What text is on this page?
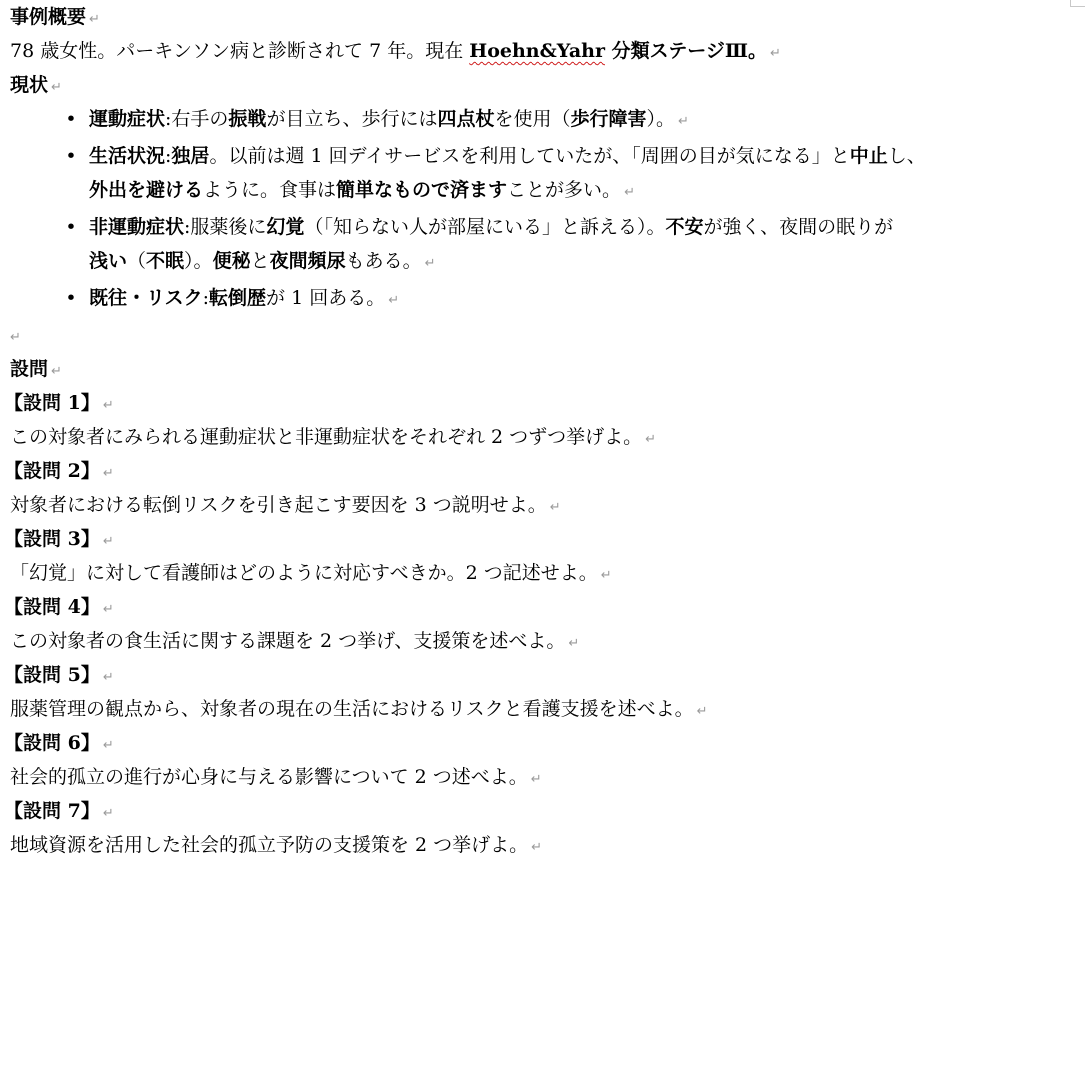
事例概要 ↵
78 歳女性。パーキンソン病と診断されて 7 年。現在 Hoehn&Yahr 分類ステージⅢ。 ↵
現状 ↵
• 運動症状:右手の振戦が目立ち、歩行には四点杖を使用（歩行障害）。 ↵
• 生活状況:独居。以前は週 1 回デイサービスを利用していたが、「周囲の目が気になる」と中止し、
外出を避けるように。食事は簡単なもので済ますことが多い。 ↵
• 非運動症状:服薬後に幻覚（「知らない人が部屋にいる」と訴える）。不安が強く、夜間の眠りが
浅い（不眠）。便秘と夜間頻尿もある。 ↵
• 既往・リスク:転倒歴が 1 回ある。 ↵
↵
設問 ↵
【設問 1】 ↵
この対象者にみられる運動症状と非運動症状をそれぞれ 2 つずつ挙げよ。 ↵
【設問 2】 ↵
対象者における転倒リスクを引き起こす要因を 3 つ説明せよ。 ↵
【設問 3】 ↵
「幻覚」に対して看護師はどのように対応すべきか。2 つ記述せよ。 ↵
【設問 4】 ↵
この対象者の食生活に関する課題を 2 つ挙げ、支援策を述べよ。 ↵
【設問 5】 ↵
服薬管理の観点から、対象者の現在の生活におけるリスクと看護支援を述べよ。 ↵
【設問 6】 ↵
社会的孤立の進行が心身に与える影響について 2 つ述べよ。 ↵
【設問 7】 ↵
地域資源を活用した社会的孤立予防の支援策を 2 つ挙げよ。 ↵
